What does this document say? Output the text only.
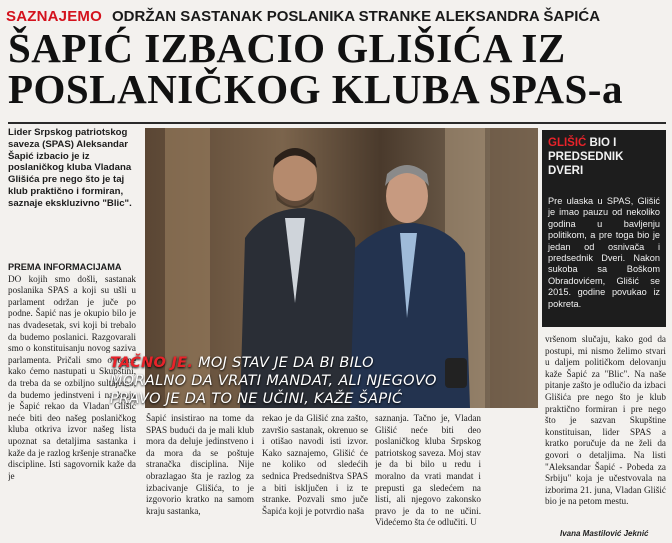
SAZNAJEMO ODRŽAN SASTANAK POSLANIKA STRANKE ALEKSANDRA ŠAPIĆA
ŠAPIĆ IZBACIO GLIŠIĆA IZ
POSLANIČKOG KLUBA SPAS-a
Lider Srpskog patriotskog saveza (SPAS) Aleksandar Šapić izbacio je iz poslaničkog kluba Vladana Glišića pre nego što je taj klub praktično i formiran, saznaje ekskluzivno "Blic".
PREMA INFORMACIJAMA
DO kojih smo došli, sastanak poslanika SPAS a koji su ušli u parlament održan je juče po podne. Šapić nas je okupio bilo je nas dvadesetak, svi koji bi trebalo da budemo poslanici. Razgovarali smo o konstituisanju novog saziva parlamenta. Pričali smo o tome kako ćemo nastupati u Skupštini, da treba da se ozbiljno sultajemo, da budemo jedinstveni i na kraju je Šapić rekao da Vladan Glišić neće biti deo našeg poslaničkog kluba otkriva izvor našeg lista upoznat sa detaljima sastanka i kaže da je razlog kršenje stranačke discipline. Isti sagovornik kaže da je
TAČNO JE. MOJ STAV JE DA BI BILO MORALNO DA VRATI MANDAT, ALI NJEGOVO PRAVO JE DA TO NE UČINI, KAŽE ŠAPIĆ
GLIŠIĆ BIO I PREDSEDNIK DVERI
Pre ulaska u SPAS, Glišić je imao pauzu od nekoliko godina u bavljenju politikom, a pre toga bio je jedan od osnivača i predsednik Dveri. Nakon sukoba sa Boškom Obradovićem, Glišić se 2015. godine povukao iz pokreta.
Šapić insistirao na tome da SPAS budući da je mali klub mora da deluje jedinstveno i da mora da se poštuje stranačka disciplina. Nije obrazlagao šta je razlog za izbacivanje Glišića, to je izgovorio kratko na samom kraju sastanka,
rekao je da Glišić zna zašto, završio sastanak, okrenuo se i otišao navodi isti izvor. Kako saznajemo, Glišić će ne koliko od sledećih sednica Predsedništva SPAS a biti isključen i iz te stranke. Pozvali smo juče Šapića koji je potvrdio naša
saznanja. Tačno je, Vladan Glišić neće biti deo poslaničkog kluba Srpskog patriotskog saveza. Moj stav je da bi bilo u redu i moralno da vrati mandat i prepusti ga sledećem na listi, ali njegovo zakonsko pravo je da to ne učini. Videćemo šta će odlučiti. U
vršenom slučaju, kako god da postupi, mi nismo želimo stvari u daljem političkom delovanju kaže Šapić za "Blic". Na naše pitanje zašto je odlučio da izbaci Glišića pre nego što je klub praktično formiran i pre nego što je sazvan Skupštine konstituisan, lider SPAS a kratko poručuje da ne želi da govori o detaljima. Na listi "Aleksandar Šapić - Pobeda za Srbiju" koja je učestvovala na izborima 21. juna, Vladan Glišić bio je na petom mestu.
Ivana Mastilović Jeknić
